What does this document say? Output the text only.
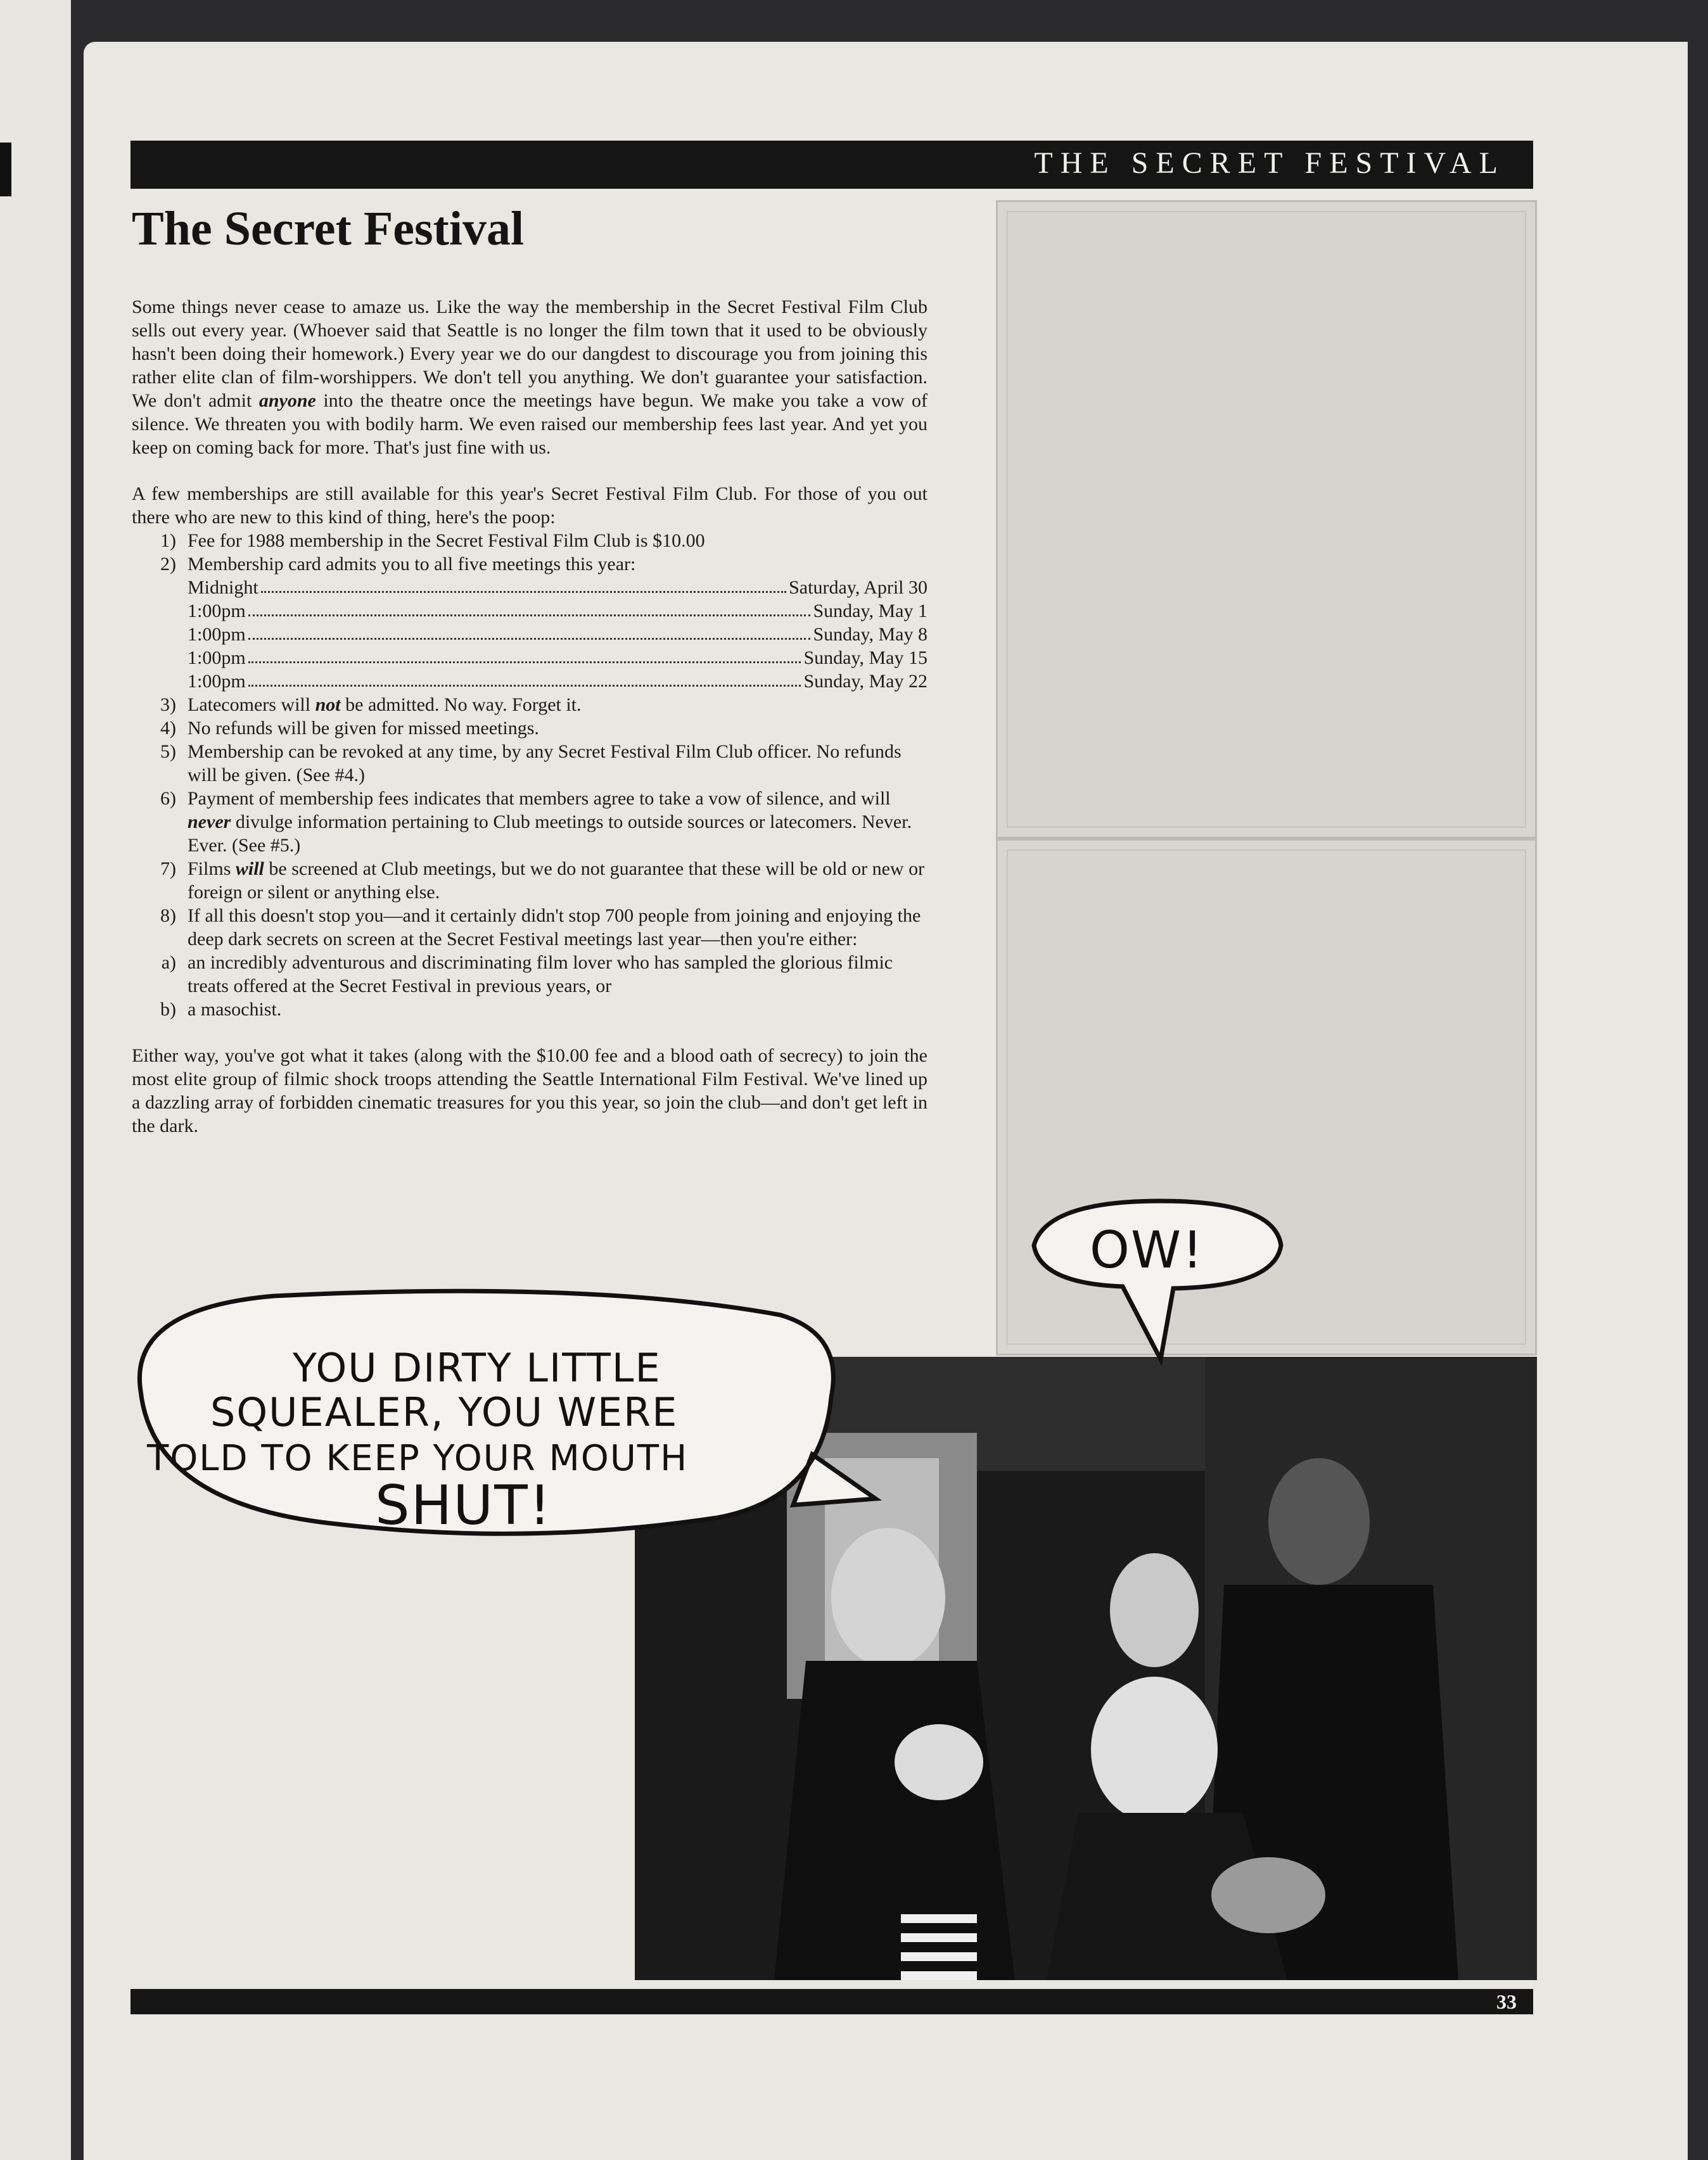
THE SECRET FESTIVAL
The Secret Festival

Some things never cease to amaze us. Like the way the membership in the Secret Festival Film Club sells out every year. (Whoever said that Seattle is no longer the film town that it used to be obviously hasn't been doing their homework.) Every year we do our dangdest to discourage you from joining this rather elite clan of film-worshippers. We don't tell you anything. We don't guarantee your satisfaction. We don't admit anyone into the theatre once the meetings have begun. We make you take a vow of silence. We threaten you with bodily harm. We even raised our membership fees last year. And yet you keep on coming back for more. That's just fine with us.

A few memberships are still available for this year's Secret Festival Film Club. For those of you out there who are new to this kind of thing, here's the poop:

1) Fee for 1988 membership in the Secret Festival Film Club is $10.00
2) Membership card admits you to all five meetings this year:
Midnight	Saturday, April 30
1:00pm	Sunday, May 1
1:00pm	Sunday, May 8
1:00pm	Sunday, May 15
1:00pm	Sunday, May 22
3) Latecomers will not be admitted. No way. Forget it.
4) No refunds will be given for missed meetings.
5) Membership can be revoked at any time, by any Secret Festival Film Club officer. No refunds will be given. (See #4.)
6) Payment of membership fees indicates that members agree to take a vow of silence, and will never divulge information pertaining to Club meetings to outside sources or latecomers. Never. Ever. (See #5.)
7) Films will be screened at Club meetings, but we do not guarantee that these will be old or new or foreign or silent or anything else.
8) If all this doesn't stop you—and it certainly didn't stop 700 people from joining and enjoying the deep dark secrets on screen at the Secret Festival meetings last year—then you're either:
a) an incredibly adventurous and discriminating film lover who has sampled the glorious filmic treats offered at the Secret Festival in previous years, or
b) a masochist.

Either way, you've got what it takes (along with the $10.00 fee and a blood oath of secrecy) to join the most elite group of filmic shock troops attending the Seattle International Film Festival. We've lined up a dazzling array of forbidden cinematic treasures for you this year, so join the club—and don't get left in the dark.

YOU DIRTY LITTLE
SQUEALER, YOU WERE
TOLD TO KEEP YOUR MOUTH
SHUT!
OW!
33
